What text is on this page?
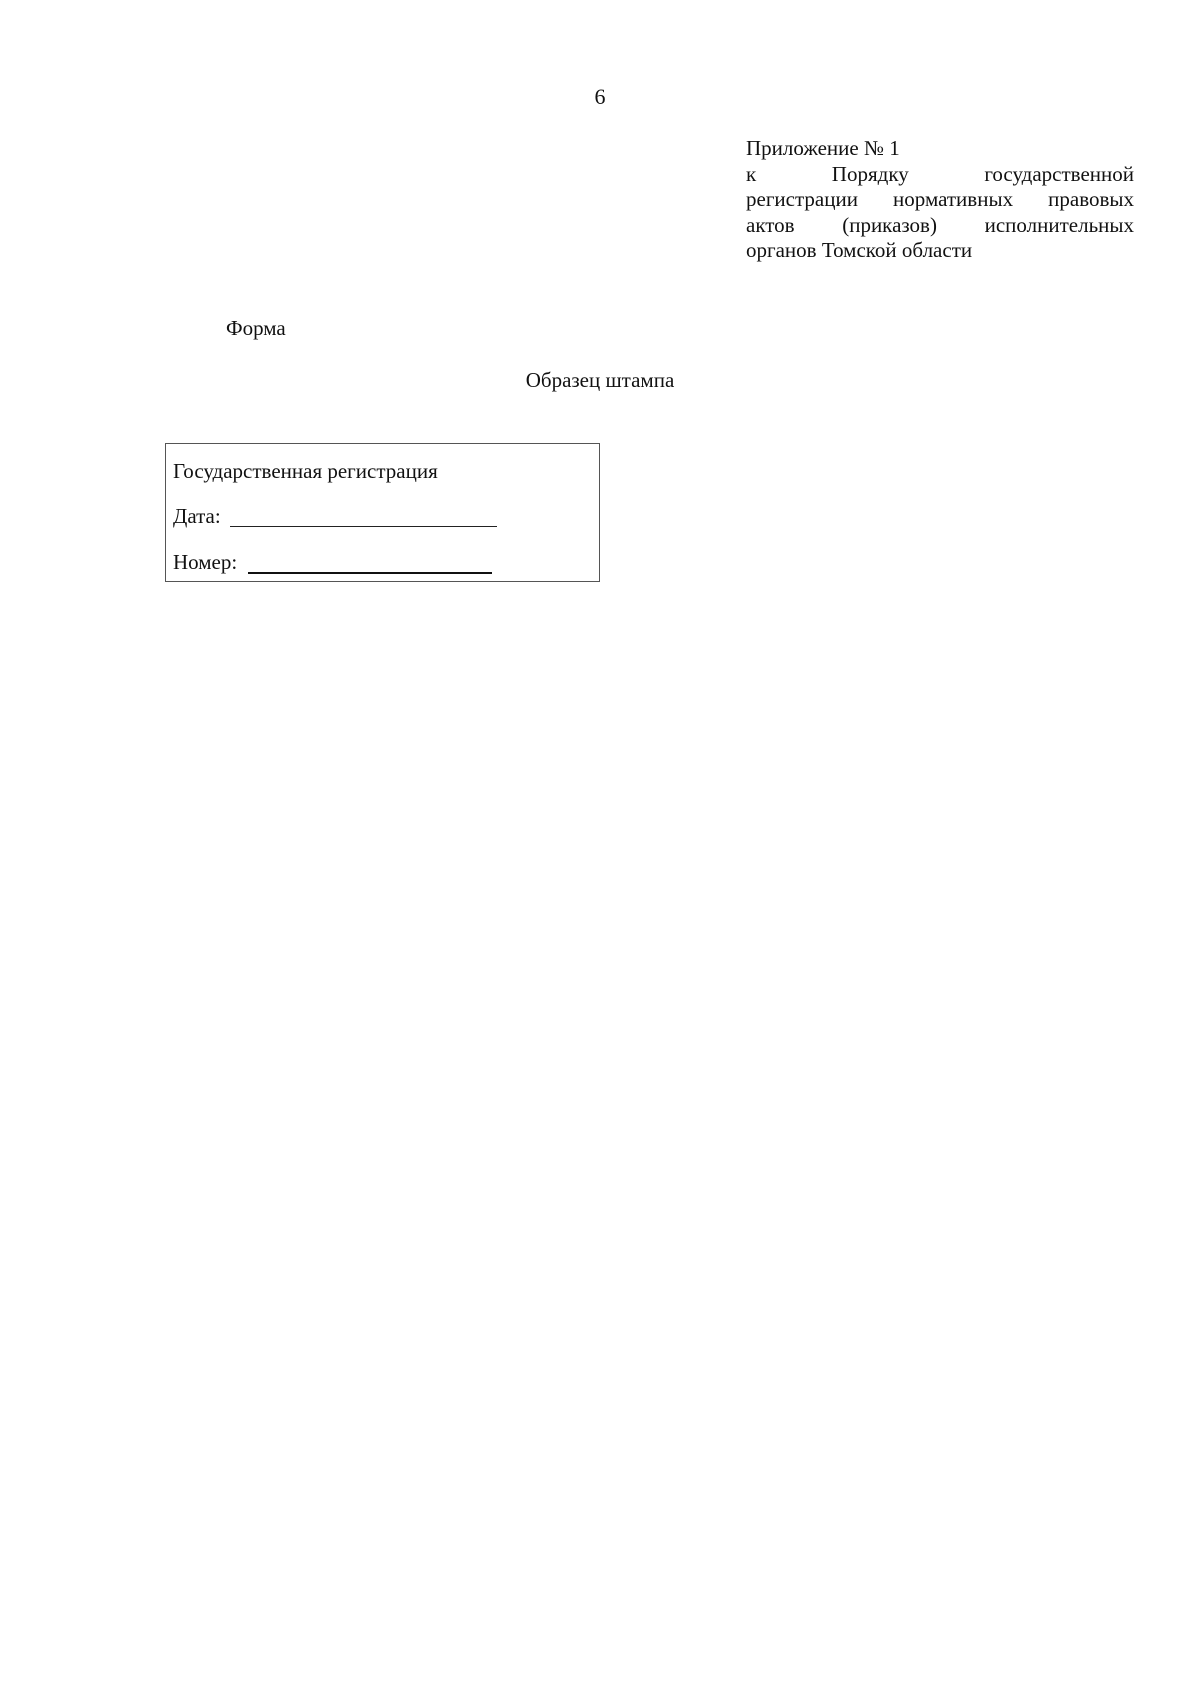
6
Приложение № 1
к Порядку государственной
регистрации нормативных правовых
актов (приказов) исполнительных
органов Томской области
Форма
Образец штампа
Государственная регистрация
Дата:
Номер:
